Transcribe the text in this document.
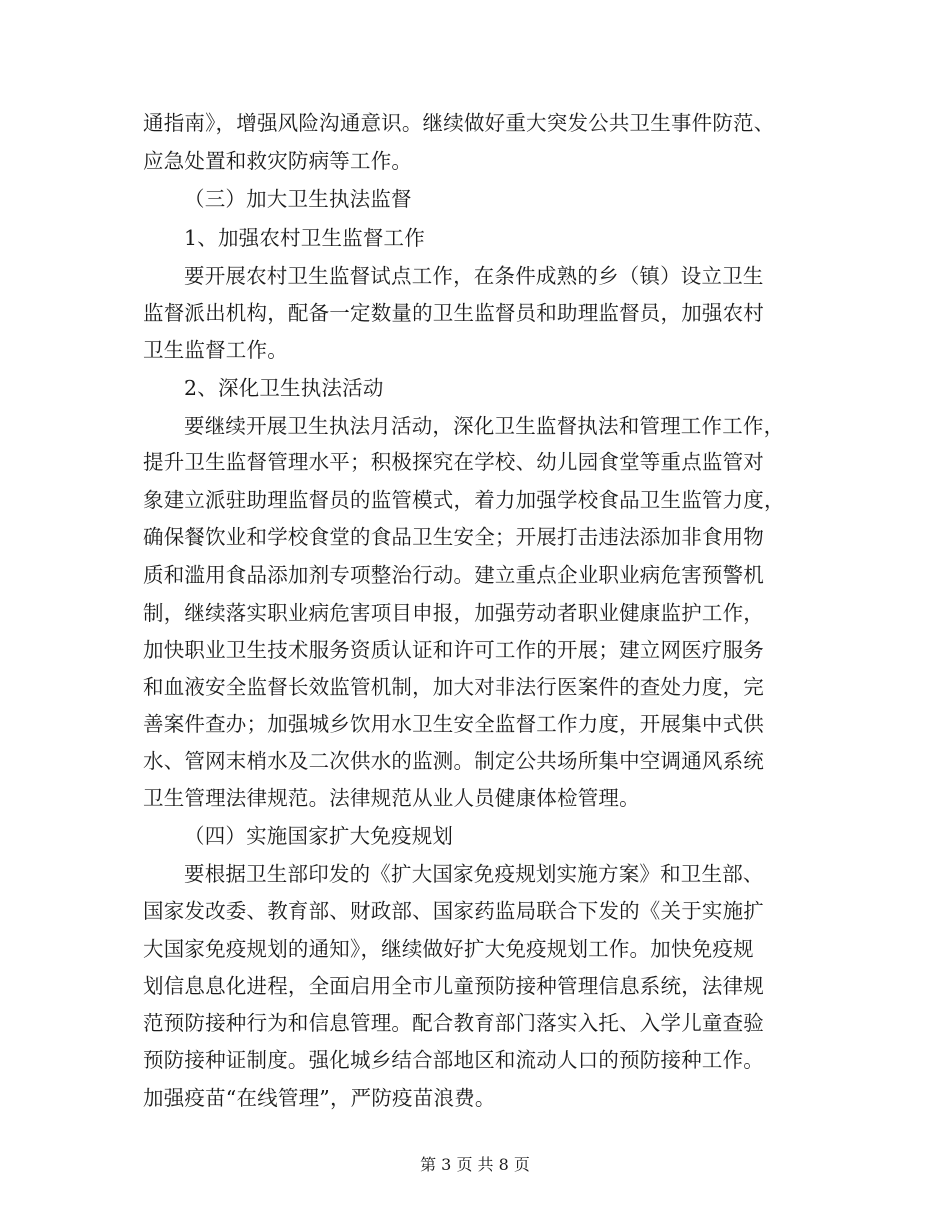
通指南》，增强风险沟通意识。继续做好重大突发公共卫生事件防范、
应急处置和救灾防病等工作。
（三）加大卫生执法监督
1、加强农村卫生监督工作
要开展农村卫生监督试点工作，在条件成熟的乡（镇）设立卫生
监督派出机构，配备一定数量的卫生监督员和助理监督员，加强农村
卫生监督工作。
2、深化卫生执法活动
要继续开展卫生执法月活动，深化卫生监督执法和管理工作工作，
提升卫生监督管理水平；积极探究在学校、幼儿园食堂等重点监管对
象建立派驻助理监督员的监管模式，着力加强学校食品卫生监管力度，
确保餐饮业和学校食堂的食品卫生安全；开展打击违法添加非食用物
质和滥用食品添加剂专项整治行动。建立重点企业职业病危害预警机
制，继续落实职业病危害项目申报，加强劳动者职业健康监护工作，
加快职业卫生技术服务资质认证和许可工作的开展；建立网医疗服务
和血液安全监督长效监管机制，加大对非法行医案件的查处力度，完
善案件查办；加强城乡饮用水卫生安全监督工作力度，开展集中式供
水、管网末梢水及二次供水的监测。制定公共场所集中空调通风系统
卫生管理法律规范。法律规范从业人员健康体检管理。
（四）实施国家扩大免疫规划
要根据卫生部印发的《扩大国家免疫规划实施方案》和卫生部、
国家发改委、教育部、财政部、国家药监局联合下发的《关于实施扩
大国家免疫规划的通知》，继续做好扩大免疫规划工作。加快免疫规
划信息息化进程，全面启用全市儿童预防接种管理信息系统，法律规
范预防接种行为和信息管理。配合教育部门落实入托、入学儿童查验
预防接种证制度。强化城乡结合部地区和流动人口的预防接种工作。
加强疫苗“在线管理”，严防疫苗浪费。
第 3 页 共 8 页
